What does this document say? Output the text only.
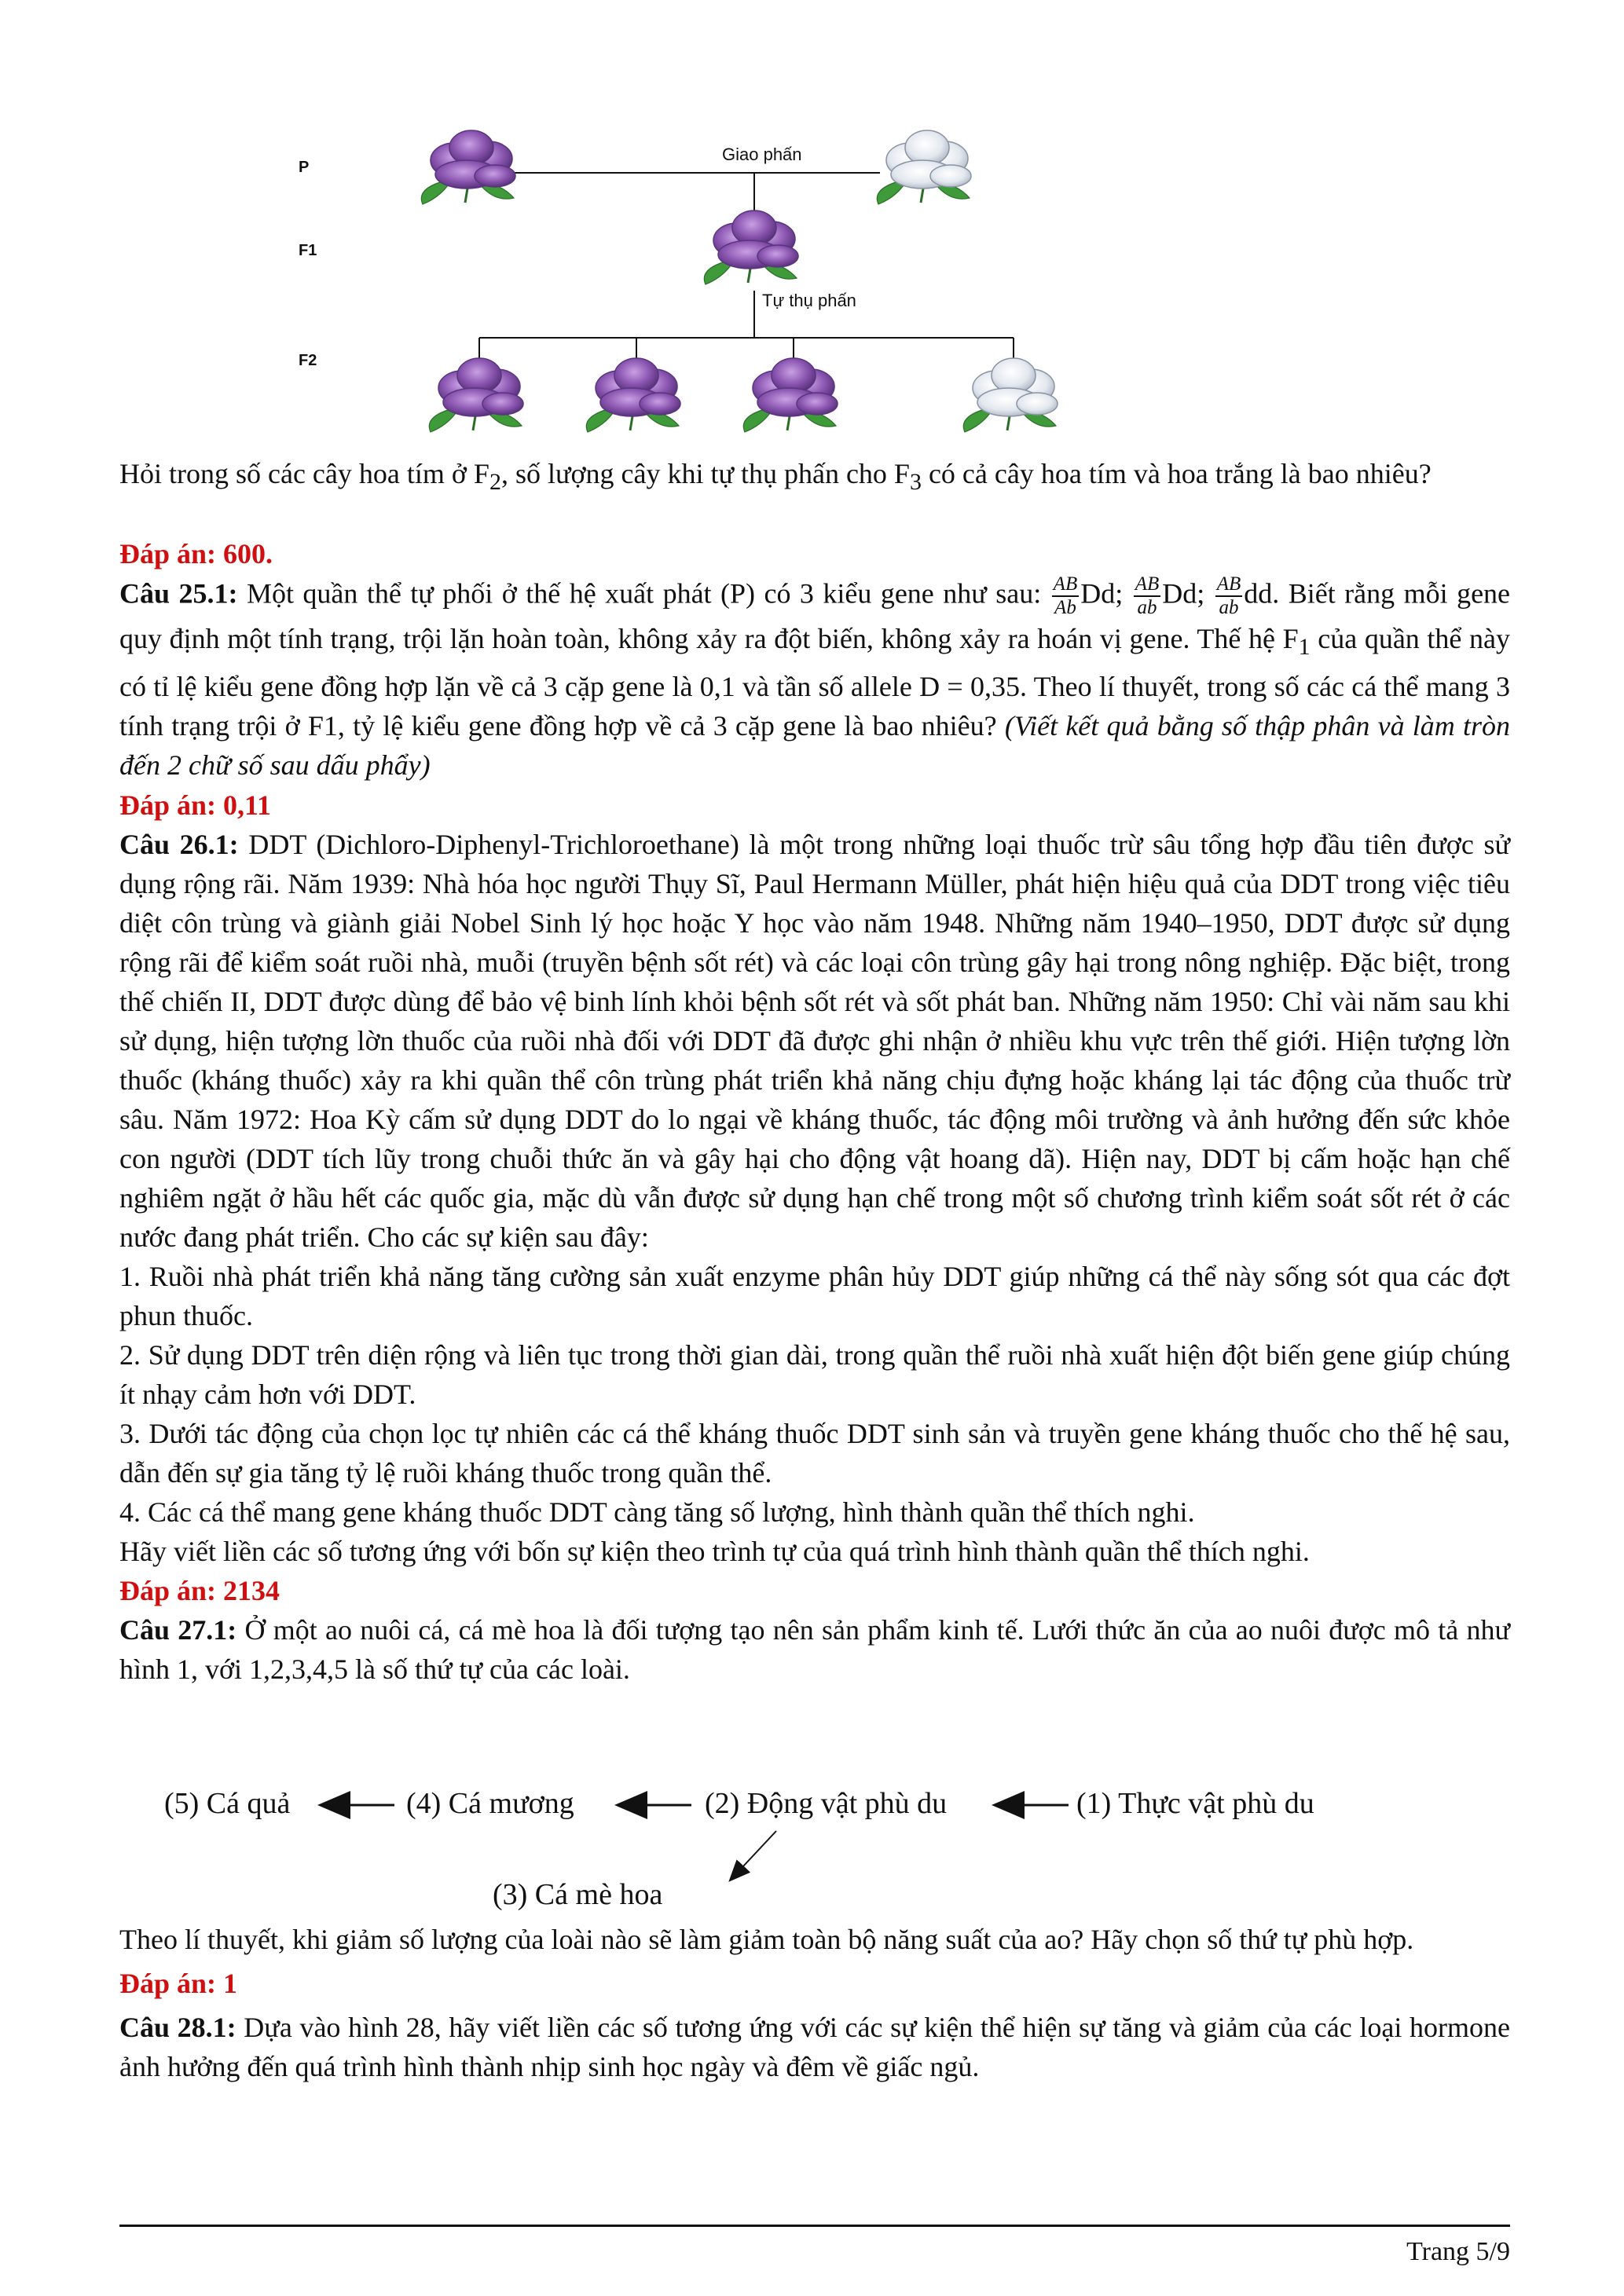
P
F1
F2
Giao phấn
Tự thụ phấn

Hỏi trong số các cây hoa tím ở $F_2$, số lượng cây khi tự thụ phấn cho $F_3$ có cả cây hoa tím và hoa trắng là bao nhiêu?

Đáp án: 600.

Câu 25.1: Một quần thể tự phối ở thế hệ xuất phát (P) có 3 kiểu gene như sau: $\frac{AB}{Ab} Dd$; $\frac{AB}{ab} Dd$; $\frac{AB}{ab}$ dd. Biết rằng mỗi gene quy định một tính trạng, trội lặn hoàn toàn, không xảy ra đột biến, không xảy ra hoán vị gene. Thế hệ $F_1$ của quần thể này có tỉ lệ kiểu gene đồng hợp lặn về cả 3 cặp gene là 0,1 và tần số allele D = 0,35. Theo lí thuyết, trong số các cá thể mang 3 tính trạng trội ở F1, tỷ lệ kiểu gene đồng hợp về cả 3 cặp gene là bao nhiêu? (Viết kết quả bằng số thập phân và làm tròn đến 2 chữ số sau dấu phẩy)

Đáp án: 0,11

Câu 26.1: DDT (Dichloro-Diphenyl-Trichloroethane) là một trong những loại thuốc trừ sâu tổng hợp đầu tiên được sử dụng rộng rãi. Năm 1939: Nhà hóa học người Thụy Sĩ, Paul Hermann Müller, phát hiện hiệu quả của DDT trong việc tiêu diệt côn trùng và giành giải Nobel Sinh lý học hoặc Y học vào năm 1948. Những năm 1940–1950, DDT được sử dụng rộng rãi để kiểm soát ruồi nhà, muỗi (truyền bệnh sốt rét) và các loại côn trùng gây hại trong nông nghiệp. Đặc biệt, trong thế chiến II, DDT được dùng để bảo vệ binh lính khỏi bệnh sốt rét và sốt phát ban. Những năm 1950: Chỉ vài năm sau khi sử dụng, hiện tượng lờn thuốc của ruồi nhà đối với DDT đã được ghi nhận ở nhiều khu vực trên thế giới. Hiện tượng lờn thuốc (kháng thuốc) xảy ra khi quần thể côn trùng phát triển khả năng chịu đựng hoặc kháng lại tác động của thuốc trừ sâu. Năm 1972: Hoa Kỳ cấm sử dụng DDT do lo ngại về kháng thuốc, tác động môi trường và ảnh hưởng đến sức khỏe con người (DDT tích lũy trong chuỗi thức ăn và gây hại cho động vật hoang dã). Hiện nay, DDT bị cấm hoặc hạn chế nghiêm ngặt ở hầu hết các quốc gia, mặc dù vẫn được sử dụng hạn chế trong một số chương trình kiểm soát sốt rét ở các nước đang phát triển. Cho các sự kiện sau đây:

1. Ruồi nhà phát triển khả năng tăng cường sản xuất enzyme phân hủy DDT giúp những cá thể này sống sót qua các đợt phun thuốc.

2. Sử dụng DDT trên diện rộng và liên tục trong thời gian dài, trong quần thể ruồi nhà xuất hiện đột biến gene giúp chúng ít nhạy cảm hơn với DDT.

3. Dưới tác động của chọn lọc tự nhiên các cá thể kháng thuốc DDT sinh sản và truyền gene kháng thuốc cho thế hệ sau, dẫn đến sự gia tăng tỷ lệ ruồi kháng thuốc trong quần thể.

4. Các cá thể mang gene kháng thuốc DDT càng tăng số lượng, hình thành quần thể thích nghi.

Hãy viết liền các số tương ứng với bốn sự kiện theo trình tự của quá trình hình thành quần thể thích nghi.

Đáp án: 2134

Câu 27.1: Ở một ao nuôi cá, cá mè hoa là đối tượng tạo nên sản phẩm kinh tế. Lưới thức ăn của ao nuôi được mô tả như hình 1, với 1,2,3,4,5 là số thứ tự của các loài.

(5) Cá quả	(4) Cá mương	(2) Động vật phù du	(1) Thực vật phù du
(3) Cá mè hoa

Theo lí thuyết, khi giảm số lượng của loài nào sẽ làm giảm toàn bộ năng suất của ao? Hãy chọn số thứ tự phù hợp.

Đáp án: 1

Câu 28.1: Dựa vào hình 28, hãy viết liền các số tương ứng với các sự kiện thể hiện sự tăng và giảm của các loại hormone ảnh hưởng đến quá trình hình thành nhịp sinh học ngày và đêm về giấc ngủ.

Trang 5/9
